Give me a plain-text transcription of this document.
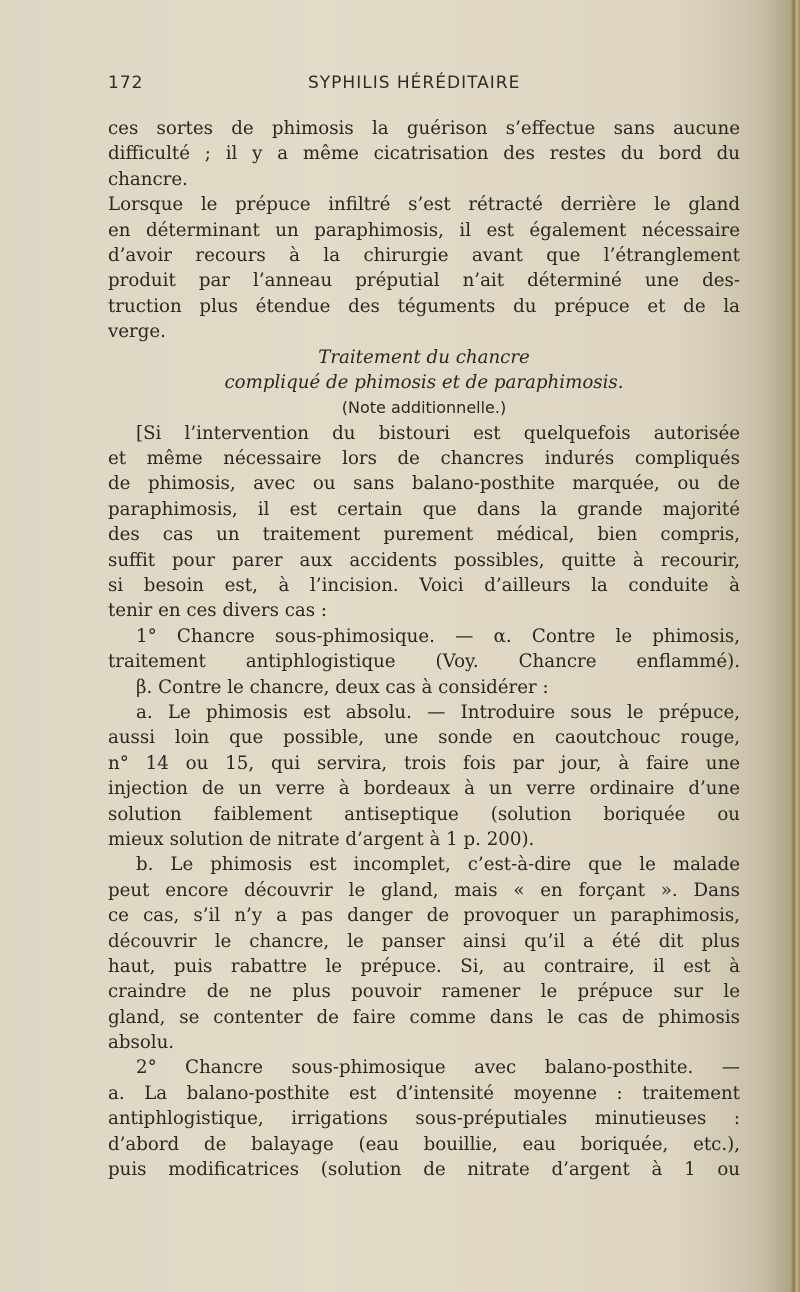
172	SYPHILIS HÉRÉDITAIRE
ces sortes de phimosis la guérison s’effectue sans aucune
difficulté ; il y a même cicatrisation des restes du bord du
chancre.
Lorsque le prépuce infiltré s’est rétracté derrière le gland
en déterminant un paraphimosis, il est également nécessaire
d’avoir recours à la chirurgie avant que l’étranglement
produit par l’anneau préputial n’ait déterminé une des-
truction plus étendue des téguments du prépuce et de la
verge.
Traitement du chancre
compliqué de phimosis et de paraphimosis.
(Note additionnelle.)
[Si l’intervention du bistouri est quelquefois autorisée
et même nécessaire lors de chancres indurés compliqués
de phimosis, avec ou sans balano-posthite marquée, ou de
paraphimosis, il est certain que dans la grande majorité
des cas un traitement purement médical, bien compris,
suffit pour parer aux accidents possibles, quitte à recourir,
si besoin est, à l’incision. Voici d’ailleurs la conduite à
tenir en ces divers cas :
1° Chancre sous-phimosique. — α. Contre le phimosis,
traitement antiphlogistique (Voy. Chancre enflammé).
β. Contre le chancre, deux cas à considérer :
a. Le phimosis est absolu. — Introduire sous le prépuce,
aussi loin que possible, une sonde en caoutchouc rouge,
n° 14 ou 15, qui servira, trois fois par jour, à faire une
injection de un verre à bordeaux à un verre ordinaire d’une
solution faiblement antiseptique (solution boriquée ou
mieux solution de nitrate d’argent à 1 p. 200).
b. Le phimosis est incomplet, c’est-à-dire que le malade
peut encore découvrir le gland, mais « en forçant ». Dans
ce cas, s’il n’y a pas danger de provoquer un paraphimosis,
découvrir le chancre, le panser ainsi qu’il a été dit plus
haut, puis rabattre le prépuce. Si, au contraire, il est à
craindre de ne plus pouvoir ramener le prépuce sur le
gland, se contenter de faire comme dans le cas de phimosis
absolu.
2° Chancre sous-phimosique avec balano-posthite. —
a. La balano-posthite est d’intensité moyenne : traitement
antiphlogistique, irrigations sous-préputiales minutieuses :
d’abord de balayage (eau bouillie, eau boriquée, etc.),
puis modificatrices (solution de nitrate d’argent à 1 ou
